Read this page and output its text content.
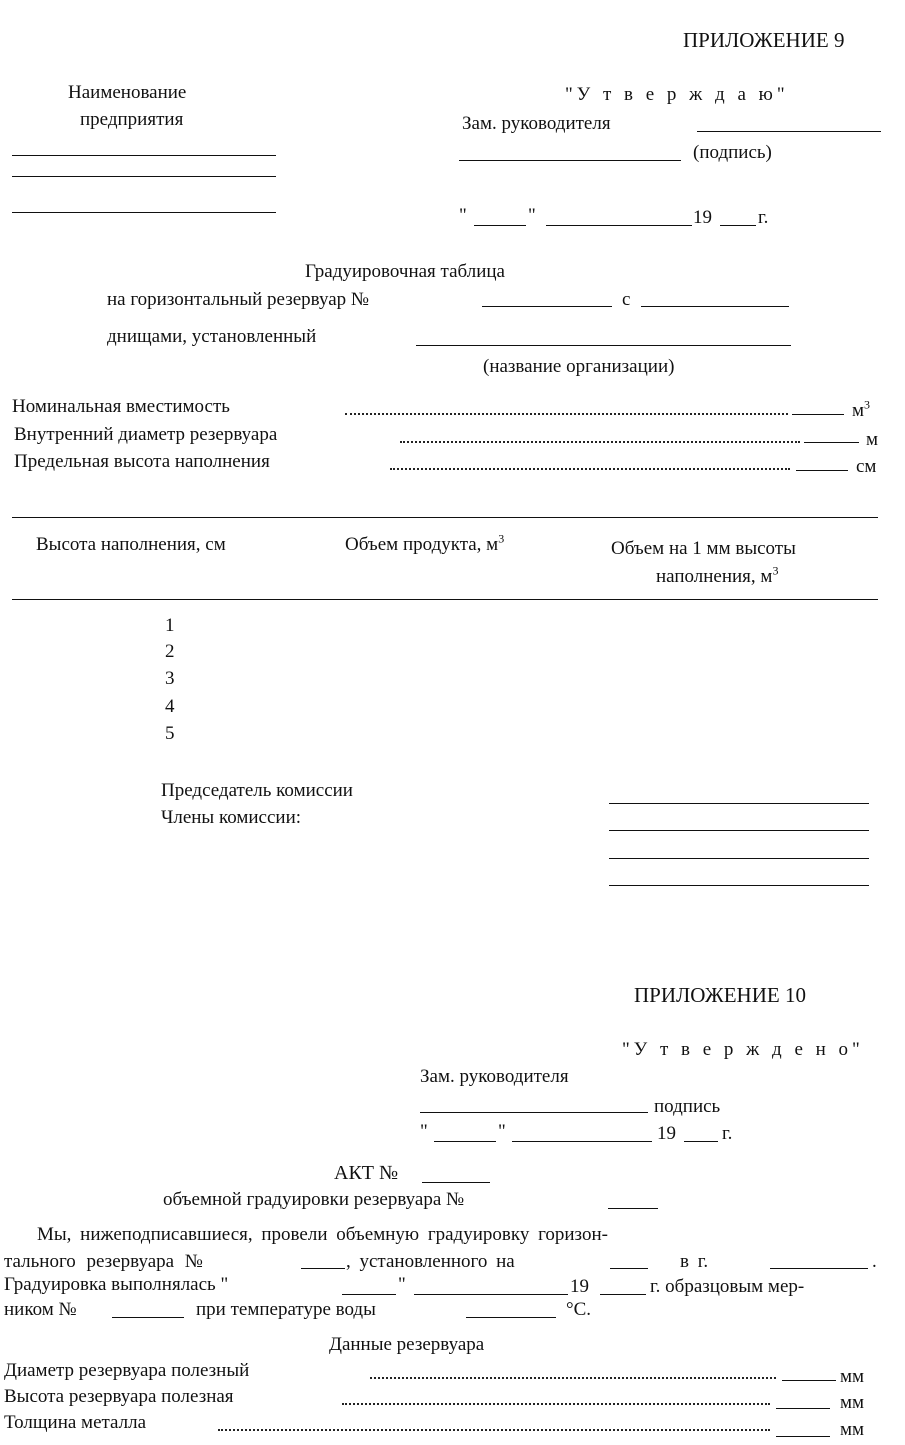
ПРИЛОЖЕНИЕ 9
Наименование
предприятия
"У т в е р ж д а ю"
Зам. руководителя
(подпись)
"	"	19 г.
Градуировочная таблица
на горизонтальный резервуар №	с
днищами, установленный
(название организации)
Номинальная вместимость	$м^3$
Внутренний диаметр резервуара	м
Предельная высота наполнения	см
Высота наполнения, см	Объем продукта, $м^3$	Объем на 1 мм высоты
наполнения, $м^3$
1
2
3
4
5
Председатель комиссии
Члены комиссии:
ПРИЛОЖЕНИЕ 10
"У т в е р ж д е н о"
Зам. руководителя
подпись
"	"	19 г.
АКТ №
объемной градуировки резервуара №
Мы, нижеподписавшиеся, провели объемную градуировку горизон-
тального резервуара №	, установленного на	в г.	.
Градуировка выполнялась "	"	19	г. образцовым мер-
ником №	при температуре воды	°С.
Данные резервуара
Диаметр резервуара полезный	мм
Высота резервуара полезная	мм
Толщина металла	мм
